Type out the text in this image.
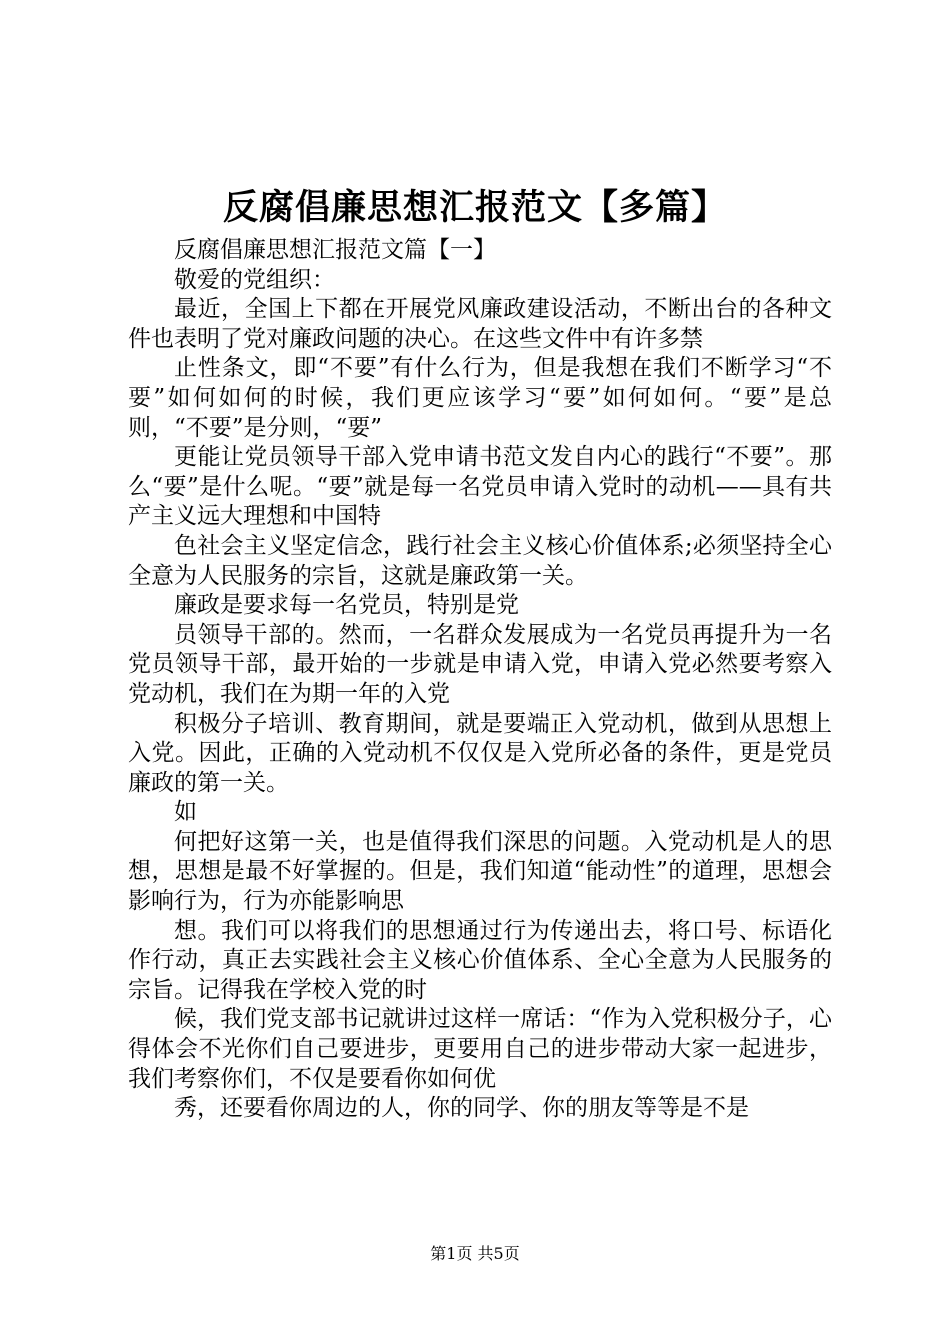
反腐倡廉思想汇报范文【多篇】

反腐倡廉思想汇报范文篇【一】

敬爱的党组织：

最近，全国上下都在开展党风廉政建设活动，不断出台的各种文件也表明了党对廉政问题的决心。在这些文件中有许多禁

止性条文，即“不要”有什么行为，但是我想在我们不断学习“不要”如何如何的时候，我们更应该学习“要”如何如何。“要”是总则，“不要”是分则，“要”

更能让党员领导干部入党申请书范文发自内心的践行“不要”。那么“要”是什么呢。“要”就是每一名党员申请入党时的动机——具有共产主义远大理想和中国特

色社会主义坚定信念，践行社会主义核心价值体系;必须坚持全心全意为人民服务的宗旨，这就是廉政第一关。

廉政是要求每一名党员，特别是党

员领导干部的。然而，一名群众发展成为一名党员再提升为一名党员领导干部，最开始的一步就是申请入党，申请入党必然要考察入党动机，我们在为期一年的入党

积极分子培训、教育期间，就是要端正入党动机，做到从思想上入党。因此，正确的入党动机不仅仅是入党所必备的条件，更是党员廉政的第一关。

如

何把好这第一关，也是值得我们深思的问题。入党动机是人的思想，思想是最不好掌握的。但是，我们知道“能动性”的道理，思想会影响行为，行为亦能影响思

想。我们可以将我们的思想通过行为传递出去，将口号、标语化作行动，真正去实践社会主义核心价值体系、全心全意为人民服务的宗旨。记得我在学校入党的时

候，我们党支部书记就讲过这样一席话：“作为入党积极分子，心得体会不光你们自己要进步，更要用自己的进步带动大家一起进步，我们考察你们，不仅是要看你如何优

秀，还要看你周边的人，你的同学、你的朋友等等是不是

第1页 共5页
